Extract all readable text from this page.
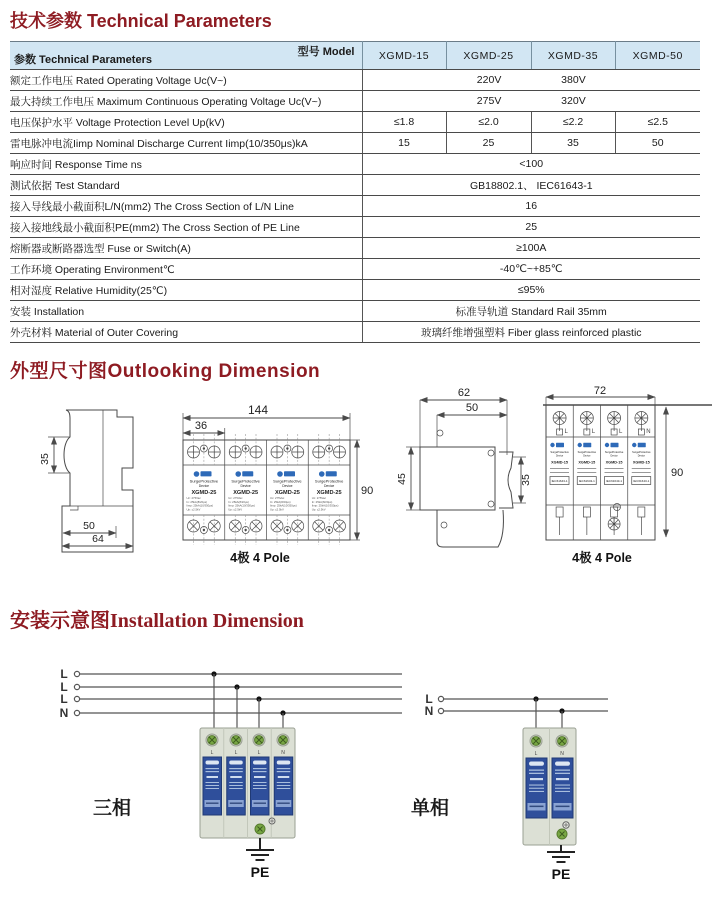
技术参数 Technical Parameters
型号 Model
参数 Technical Parameters	XGMD-15	XGMD-25	XGMD-35	XGMD-50
额定工作电压 Rated Operating Voltage Uc(V~)	220V 380V			

最大持续工作电压 Maximum Continuous Operating Voltage Uc(V~)	275V 320V			

电压保护水平 Voltage Protection Level Up(kV)	≤1.8	≤2.0	≤2.2	≤2.5
雷电脉冲电流Iimp Nominal Discharge Current Iimp(10/350μs)kA	15	25	35	50
响应时间 Response Time ns	<100			
测试依据 Test Standard	GB18802.1、 IEC61643-1			
接入导线最小截面积L/N(mm2) The Cross Section of L/N Line	16			
接入接地线最小截面积PE(mm2) The Cross Section of PE Line	25			
熔断器或断路器选型 Fuse or Switch(A)	≥100A			
工作环境 Operating Environment℃	-40℃~+85℃			
相对湿度 Relative Humidity(25℃)	≤95%			
安装 Installation	标准导轨道 Standard Rail 35mm			
外壳材料 Material of Outer Covering	玻璃纤维增强塑料 Fiber glass reinforced plastic			
外型尺寸图Outlooking Dimension
35
50
64
144
36
90
SurgeProtective
Device
XGMD-25
Uc: 275Vac
In: 25kA(8/20μs)
Iimp: 25kA(10/350μs)
Up: ≤2.5kV
SurgeProtective
Device
XGMD-25
Uc: 275Vac
In: 25kA(8/20μs)
Iimp: 25kA(10/350μs)
Up: ≤2.5kV
SurgeProtective
Device
XGMD-25
Uc: 275Vac
In: 25kA(8/20μs)
Iimp: 25kA(10/350μs)
Up: ≤2.5kV
SurgeProtective
Device
XGMD-25
Uc: 275Vac
In: 25kA(8/20μs)
Iimp: 25kA(10/350μs)
Up: ≤2.5kV
4极 4 Pole
62
50
35
45
72
90
L
SurgeProtective
Device
XGMD-15
IEC61643-1
L
SurgeProtective
Device
XGMD-15
IEC61643-1
L
SurgeProtective
Device
XGMD-15
IEC61643-1
N
SurgeProtective
Device
XGMD-15
IEC61643-1
4极 4 Pole
安装示意图Installation Dimension
L
L
L
N
L	L	L	N
PE
三相
L
N
L	N
PE
单相
